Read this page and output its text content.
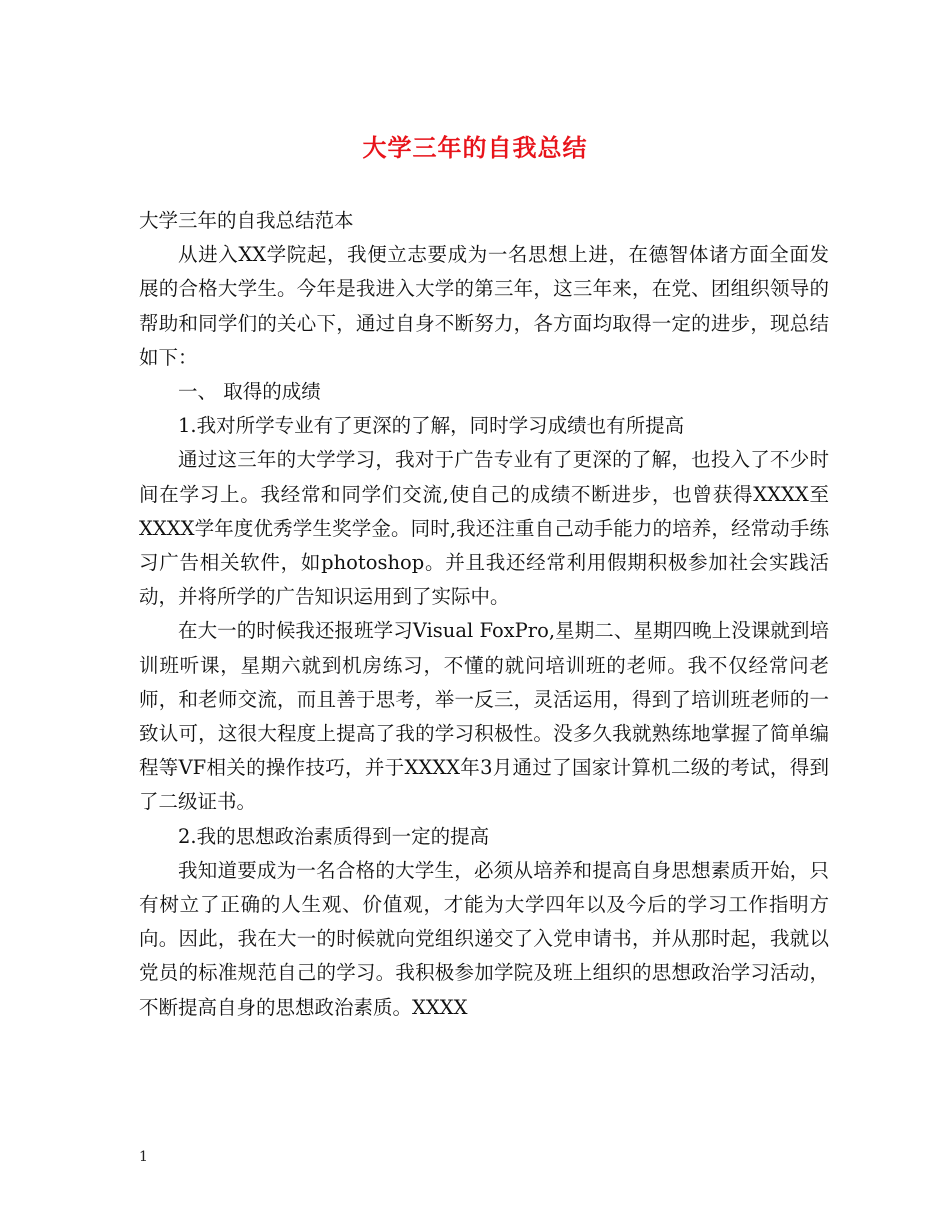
大学三年的自我总结

大学三年的自我总结范本

从进入XX学院起，我便立志要成为一名思想上进，在德智体诸方面全面发展的合格大学生。今年是我进入大学的第三年，这三年来，在党、团组织领导的帮助和同学们的关心下，通过自身不断努力，各方面均取得一定的进步，现总结如下：

一、 取得的成绩

1.我对所学专业有了更深的了解，同时学习成绩也有所提高

通过这三年的大学学习，我对于广告专业有了更深的了解，也投入了不少时间在学习上。我经常和同学们交流,使自己的成绩不断进步，也曾获得XXXX至XXXX学年度优秀学生奖学金。同时,我还注重自己动手能力的培养，经常动手练习广告相关软件，如photoshop。并且我还经常利用假期积极参加社会实践活动，并将所学的广告知识运用到了实际中。

在大一的时候我还报班学习Visual FoxPro,星期二、星期四晚上没课就到培训班听课，星期六就到机房练习，不懂的就问培训班的老师。我不仅经常问老师，和老师交流，而且善于思考，举一反三，灵活运用，得到了培训班老师的一致认可，这很大程度上提高了我的学习积极性。没多久我就熟练地掌握了简单编程等VF相关的操作技巧，并于XXXX年3月通过了国家计算机二级的考试，得到了二级证书。

2.我的思想政治素质得到一定的提高

我知道要成为一名合格的大学生，必须从培养和提高自身思想素质开始，只有树立了正确的人生观、价值观，才能为大学四年以及今后的学习工作指明方向。因此，我在大一的时候就向党组织递交了入党申请书，并从那时起，我就以党员的标准规范自己的学习。我积极参加学院及班上组织的思想政治学习活动，不断提高自身的思想政治素质。XXXX

1
